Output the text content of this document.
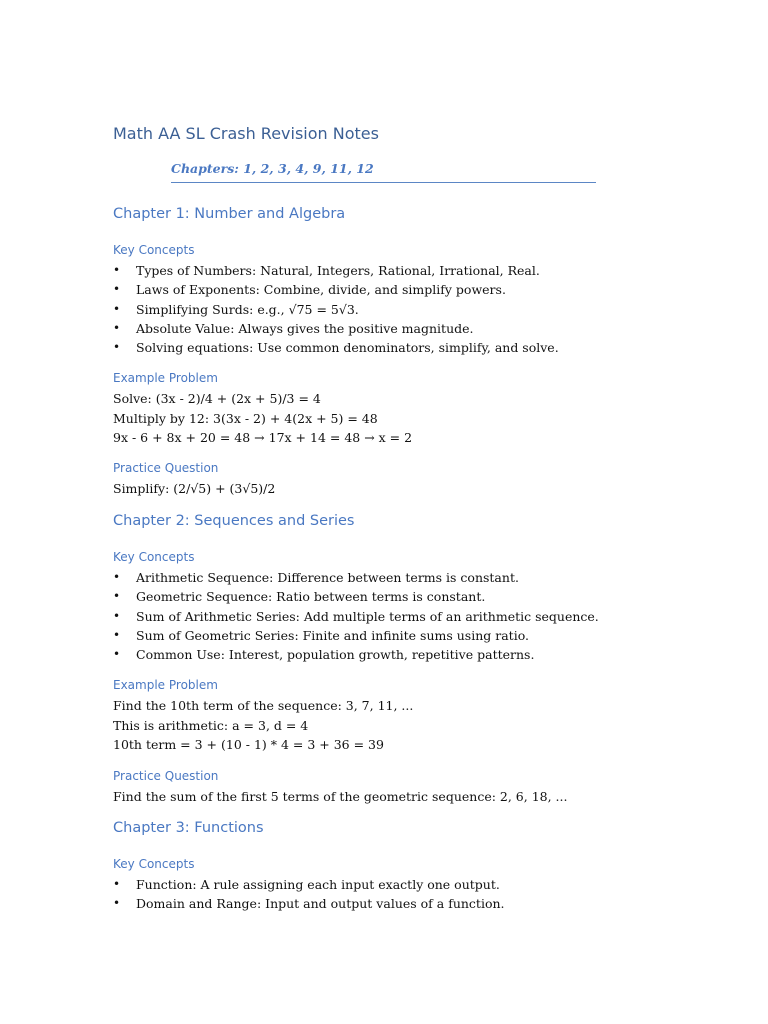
Math AA SL Crash Revision Notes
Chapters: 1, 2, 3, 4, 9, 11, 12
Chapter 1: Number and Algebra
Key Concepts
• Types of Numbers: Natural, Integers, Rational, Irrational, Real.
• Laws of Exponents: Combine, divide, and simplify powers.
• Simplifying Surds: e.g., √75 = 5√3.
• Absolute Value: Always gives the positive magnitude.
• Solving equations: Use common denominators, simplify, and solve.
Example Problem
Solve: (3x - 2)/4 + (2x + 5)/3 = 4
Multiply by 12: 3(3x - 2) + 4(2x + 5) = 48
9x - 6 + 8x + 20 = 48 → 17x + 14 = 48 → x = 2
Practice Question
Simplify: (2/√5) + (3√5)/2
Chapter 2: Sequences and Series
Key Concepts
• Arithmetic Sequence: Difference between terms is constant.
• Geometric Sequence: Ratio between terms is constant.
• Sum of Arithmetic Series: Add multiple terms of an arithmetic sequence.
• Sum of Geometric Series: Finite and infinite sums using ratio.
• Common Use: Interest, population growth, repetitive patterns.
Example Problem
Find the 10th term of the sequence: 3, 7, 11, ...
This is arithmetic: a = 3, d = 4
10th term = 3 + (10 - 1) * 4 = 3 + 36 = 39
Practice Question
Find the sum of the first 5 terms of the geometric sequence: 2, 6, 18, ...
Chapter 3: Functions
Key Concepts
• Function: A rule assigning each input exactly one output.
• Domain and Range: Input and output values of a function.
